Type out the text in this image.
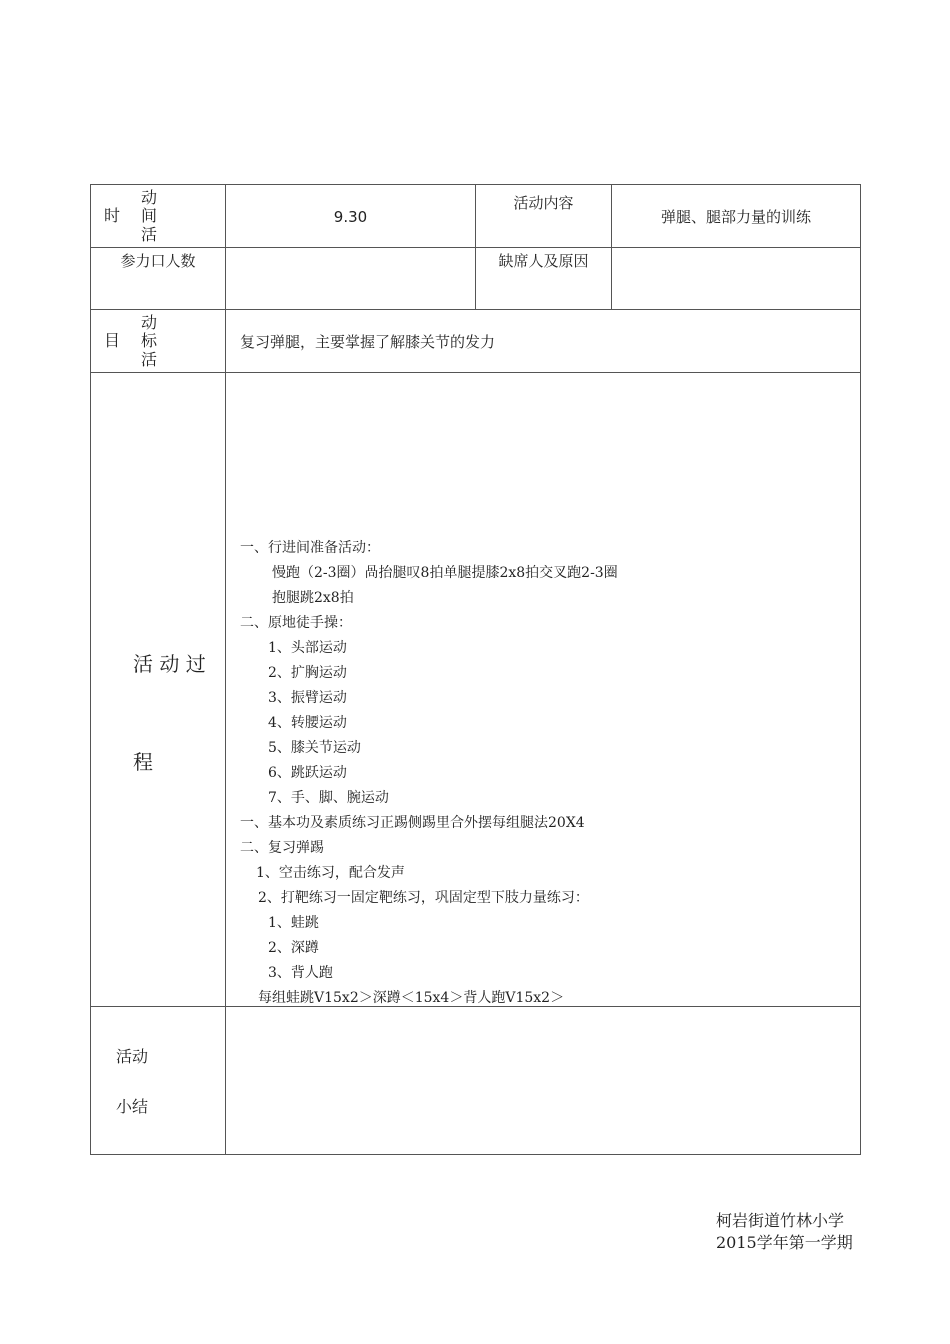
动
时 间
活
9.30
活动内容
弹腿、腿部力量的训练
参力口人数	缺席人及原因
动
目 标
活
复习弹腿，主要掌握了解膝关节的发力
活 动 过
程
一、行进间准备活动：
慢跑（2-3圈）咼抬腿叹8拍单腿提膝2x8拍交叉跑2-3圈
抱腿跳2x8拍
二、原地徒手操：
1、头部运动
2、扩胸运动
3、振臂运动
4、转腰运动
5、膝关节运动
6、跳跃运动
7、手、脚、腕运动
一、基本功及素质练习正踢侧踢里合外摆每组腿法20X4
二、复习弹踢
1、空击练习，配合发声
2、打靶练习一固定靶练习，巩固定型下肢力量练习：
1、蛙跳
2、深蹲
3、背人跑
每组蛙跳V15x2＞深蹲＜15x4＞背人跑V15x2＞
活动
小结
柯岩街道竹林小学
2015学年第一学期
